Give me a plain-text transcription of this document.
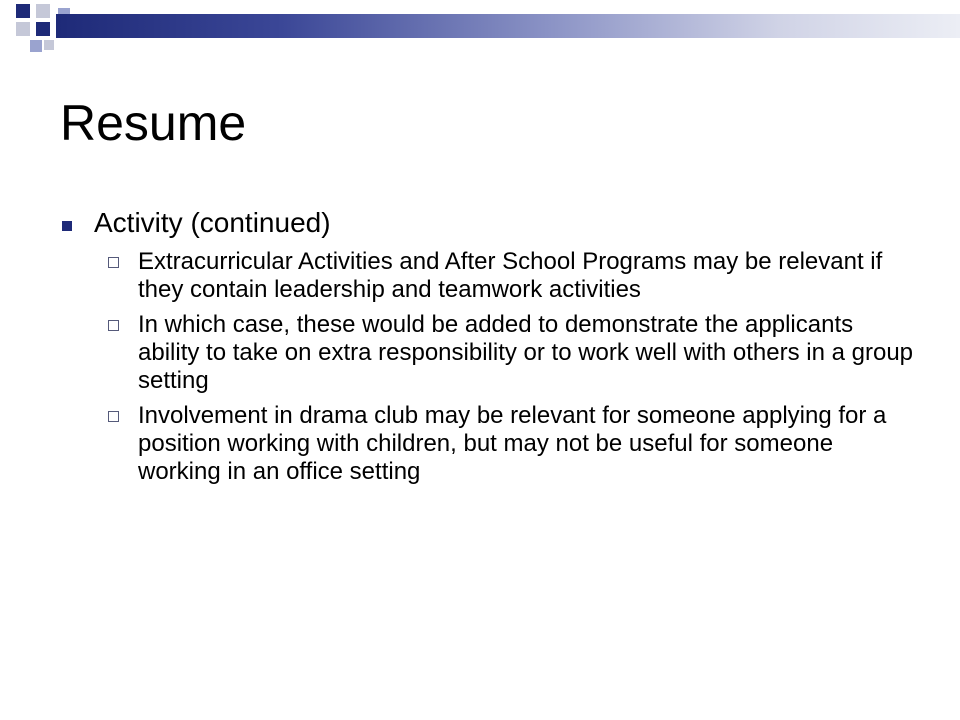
Resume
Activity (continued)
Extracurricular Activities and After School Programs may be relevant if they contain leadership and teamwork activities
In which case, these would be added to demonstrate the applicants ability to take on extra responsibility or to work well with others in a group setting
Involvement in drama club may be relevant for someone applying for a position working with children, but may not be useful for someone working in an office setting
